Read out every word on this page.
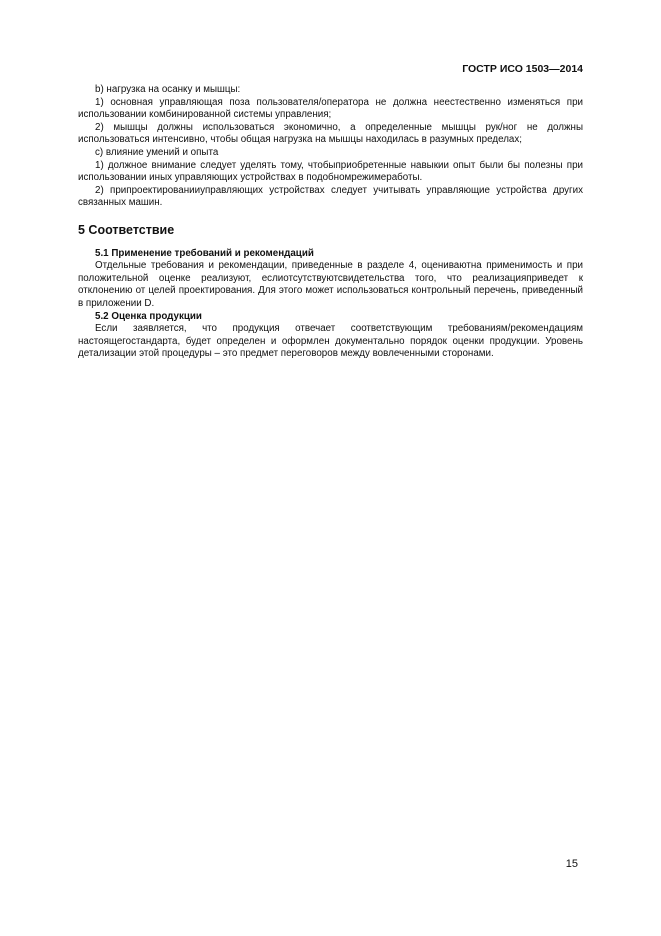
ГОСТР ИСО 1503—2014

b) нагрузка на осанку и мышцы:

1) основная управляющая поза пользователя/оператора не должна неестественно изменяться при использовании комбинированной системы управления;

2) мышцы должны использоваться экономично, а определенные мышцы рук/ног не должны использоваться интенсивно, чтобы общая нагрузка на мышцы находилась в разумных пределах;

c) влияние умений и опыта

1) должное внимание следует уделять тому, чтобыприобретенные навыкии опыт были бы полезны при использовании иных управляющих устройствах в подобномрежимеработы.

2) припроектированииуправляющих устройствах следует учитывать управляющие устройства других связанных машин.

5 Соответствие

5.1 Применение требований и рекомендаций

Отдельные требования и рекомендации, приведенные в разделе 4, оцениваютна применимость и при положительной оценке реализуют, еслиотсутствуютсвидетельства того, что реализацияприведет к отклонению от целей проектирования. Для этого может использоваться контрольный перечень, приведенный в приложении D.

5.2 Оценка продукции

Если заявляется, что продукция отвечает соответствующим требованиям/рекомендациям настоящегостандарта, будет определен и оформлен документально порядок оценки продукции. Уровень детализации этой процедуры – это предмет переговоров между вовлеченными сторонами.

15
